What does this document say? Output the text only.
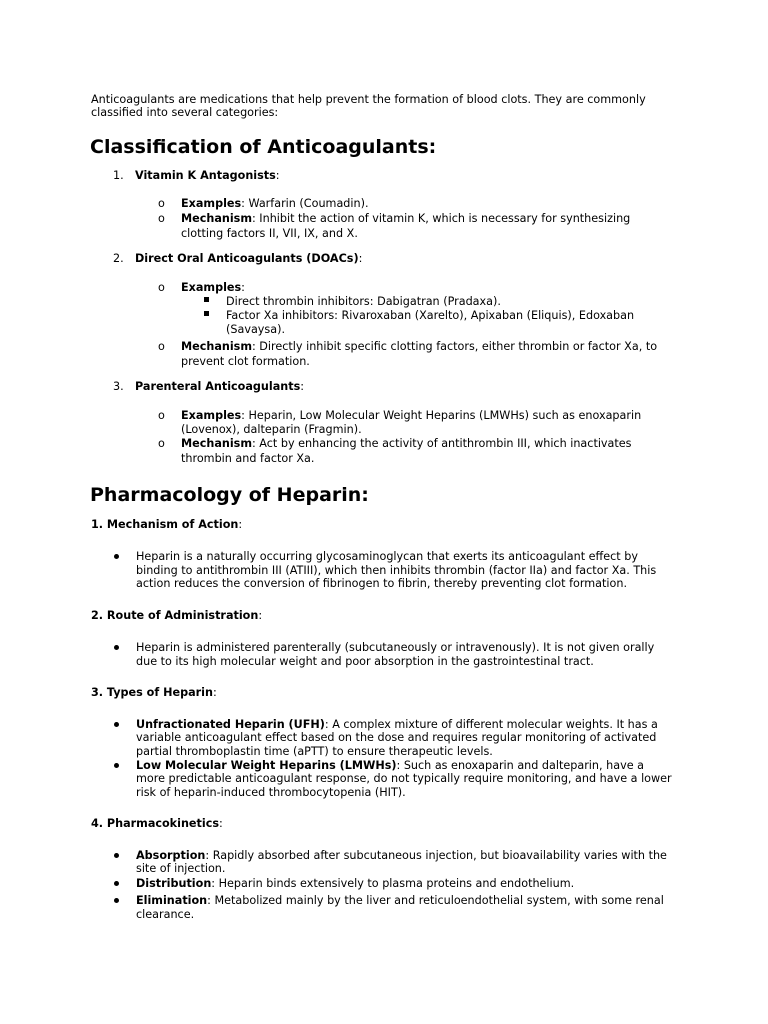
Anticoagulants are medications that help prevent the formation of blood clots. They are commonly
classified into several categories:
Classification of Anticoagulants:
1. Vitamin K Antagonists:
o Examples: Warfarin (Coumadin).
o Mechanism: Inhibit the action of vitamin K, which is necessary for synthesizing
clotting factors II, VII, IX, and X.
2. Direct Oral Anticoagulants (DOACs):
o Examples:
Direct thrombin inhibitors: Dabigatran (Pradaxa).
Factor Xa inhibitors: Rivaroxaban (Xarelto), Apixaban (Eliquis), Edoxaban
(Savaysa).
o Mechanism: Directly inhibit specific clotting factors, either thrombin or factor Xa, to
prevent clot formation.
3. Parenteral Anticoagulants:
o Examples: Heparin, Low Molecular Weight Heparins (LMWHs) such as enoxaparin
(Lovenox), dalteparin (Fragmin).
o Mechanism: Act by enhancing the activity of antithrombin III, which inactivates
thrombin and factor Xa.
Pharmacology of Heparin:
1. Mechanism of Action:
Heparin is a naturally occurring glycosaminoglycan that exerts its anticoagulant effect by
binding to antithrombin III (ATIII), which then inhibits thrombin (factor IIa) and factor Xa. This
action reduces the conversion of fibrinogen to fibrin, thereby preventing clot formation.
2. Route of Administration:
Heparin is administered parenterally (subcutaneously or intravenously). It is not given orally
due to its high molecular weight and poor absorption in the gastrointestinal tract.
3. Types of Heparin:
Unfractionated Heparin (UFH): A complex mixture of different molecular weights. It has a
variable anticoagulant effect based on the dose and requires regular monitoring of activated
partial thromboplastin time (aPTT) to ensure therapeutic levels.
Low Molecular Weight Heparins (LMWHs): Such as enoxaparin and dalteparin, have a
more predictable anticoagulant response, do not typically require monitoring, and have a lower
risk of heparin-induced thrombocytopenia (HIT).
4. Pharmacokinetics:
Absorption: Rapidly absorbed after subcutaneous injection, but bioavailability varies with the
site of injection.
Distribution: Heparin binds extensively to plasma proteins and endothelium.
Elimination: Metabolized mainly by the liver and reticuloendothelial system, with some renal
clearance.
